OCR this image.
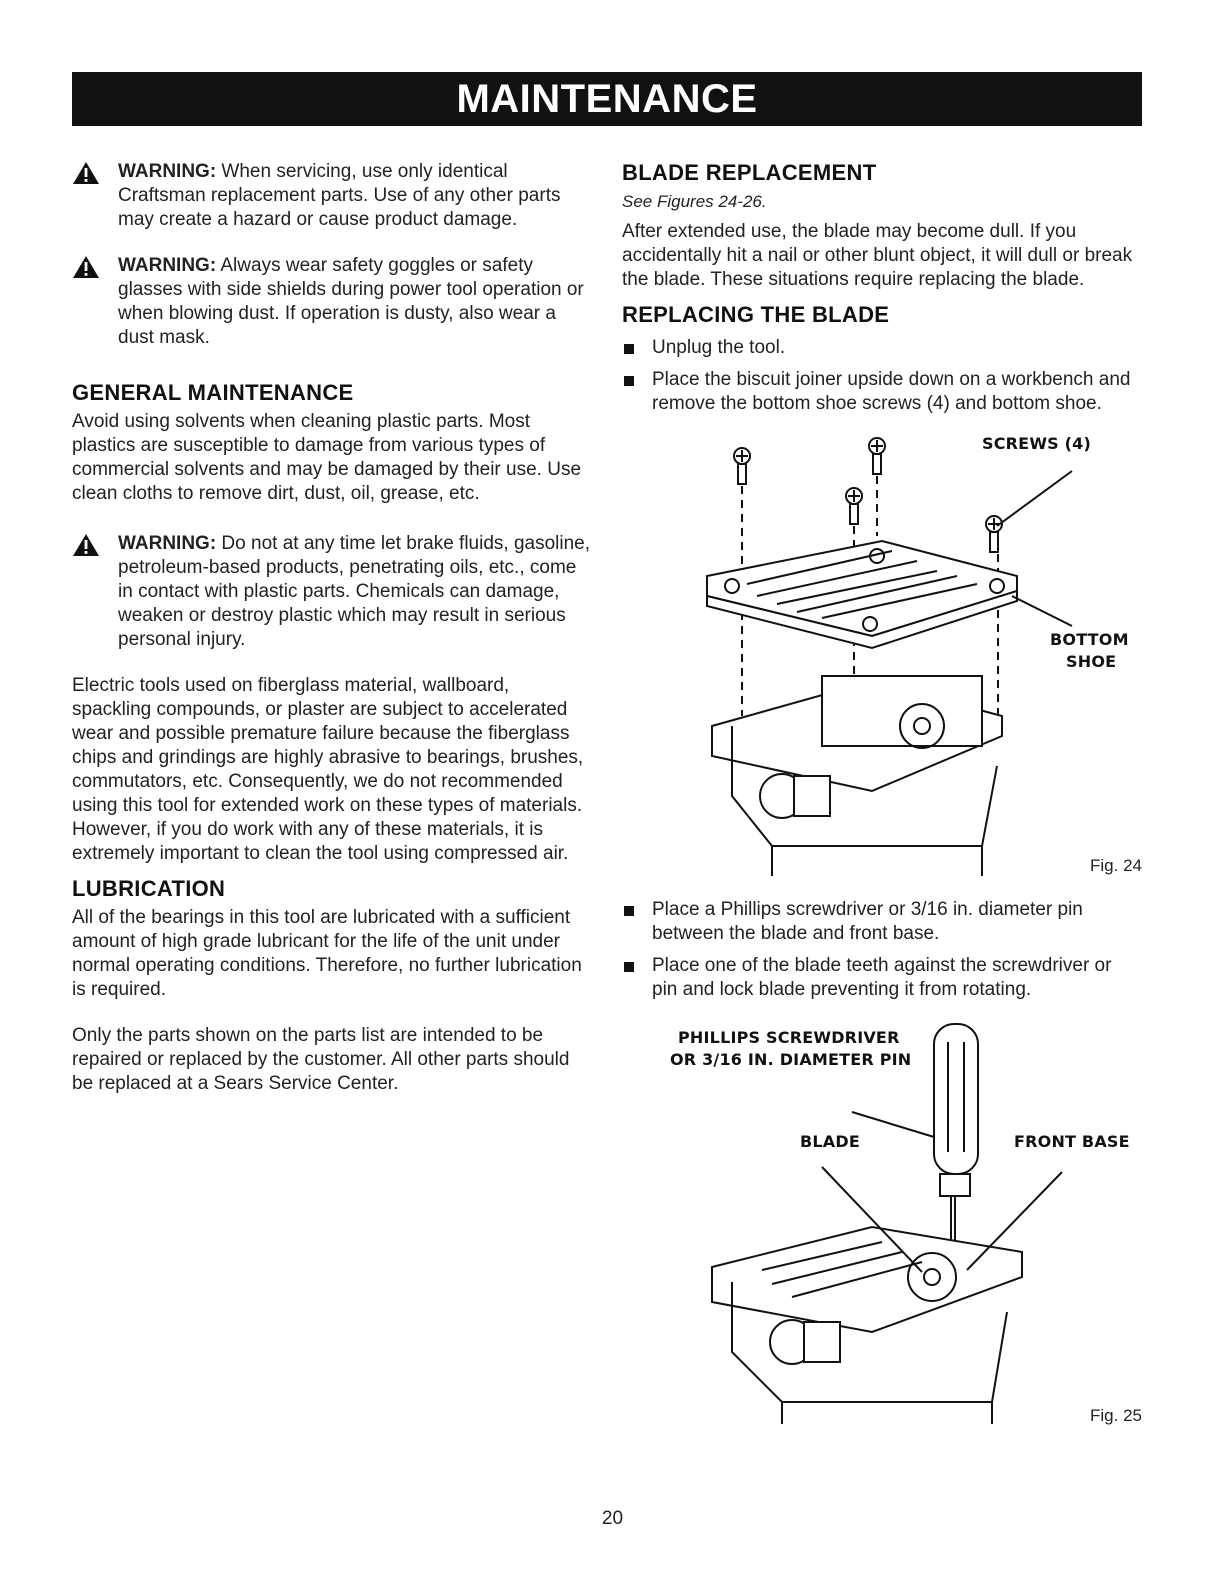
MAINTENANCE
WARNING: When servicing, use only identical Craftsman replacement parts. Use of any other parts may create a hazard or cause product damage.
WARNING: Always wear safety goggles or safety glasses with side shields during power tool operation or when blowing dust. If operation is dusty, also wear a dust mask.
GENERAL MAINTENANCE

Avoid using solvents when cleaning plastic parts. Most plastics are susceptible to damage from various types of commercial solvents and may be damaged by their use. Use clean cloths to remove dirt, dust, oil, grease, etc.

WARNING: Do not at any time let brake fluids, gasoline, petroleum-based products, penetrating oils, etc., come in contact with plastic parts. Chemicals can damage, weaken or destroy plastic which may result in serious personal injury.

Electric tools used on fiberglass material, wallboard, spackling compounds, or plaster are subject to accelerated wear and possible premature failure because the fiberglass chips and grindings are highly abrasive to bearings, brushes, commutators, etc. Consequently, we do not recommended using this tool for extended work on these types of materials. However, if you do work with any of these materials, it is extremely important to clean the tool using compressed air.

LUBRICATION

All of the bearings in this tool are lubricated with a sufficient amount of high grade lubricant for the life of the unit under normal operating conditions. Therefore, no further lubrication is required.

Only the parts shown on the parts list are intended to be repaired or replaced by the customer. All other parts should be replaced at a Sears Service Center.

BLADE REPLACEMENT

See Figures 24-26.

After extended use, the blade may become dull. If you accidentally hit a nail or other blunt object, it will dull or break the blade. These situations require replacing the blade.

REPLACING THE BLADE
Unplug the tool.
Place the biscuit joiner upside down on a workbench and remove the bottom shoe screws (4) and bottom shoe.
SCREWS (4)
BOTTOM
SHOE
Fig. 24
Place a Phillips screwdriver or 3/16 in. diameter pin between the blade and front base.
Place one of the blade teeth against the screwdriver or pin and lock blade preventing it from rotating.
PHILLIPS SCREWDRIVER
OR 3/16 IN. DIAMETER PIN
BLADE	FRONT BASE
Fig. 25
20
